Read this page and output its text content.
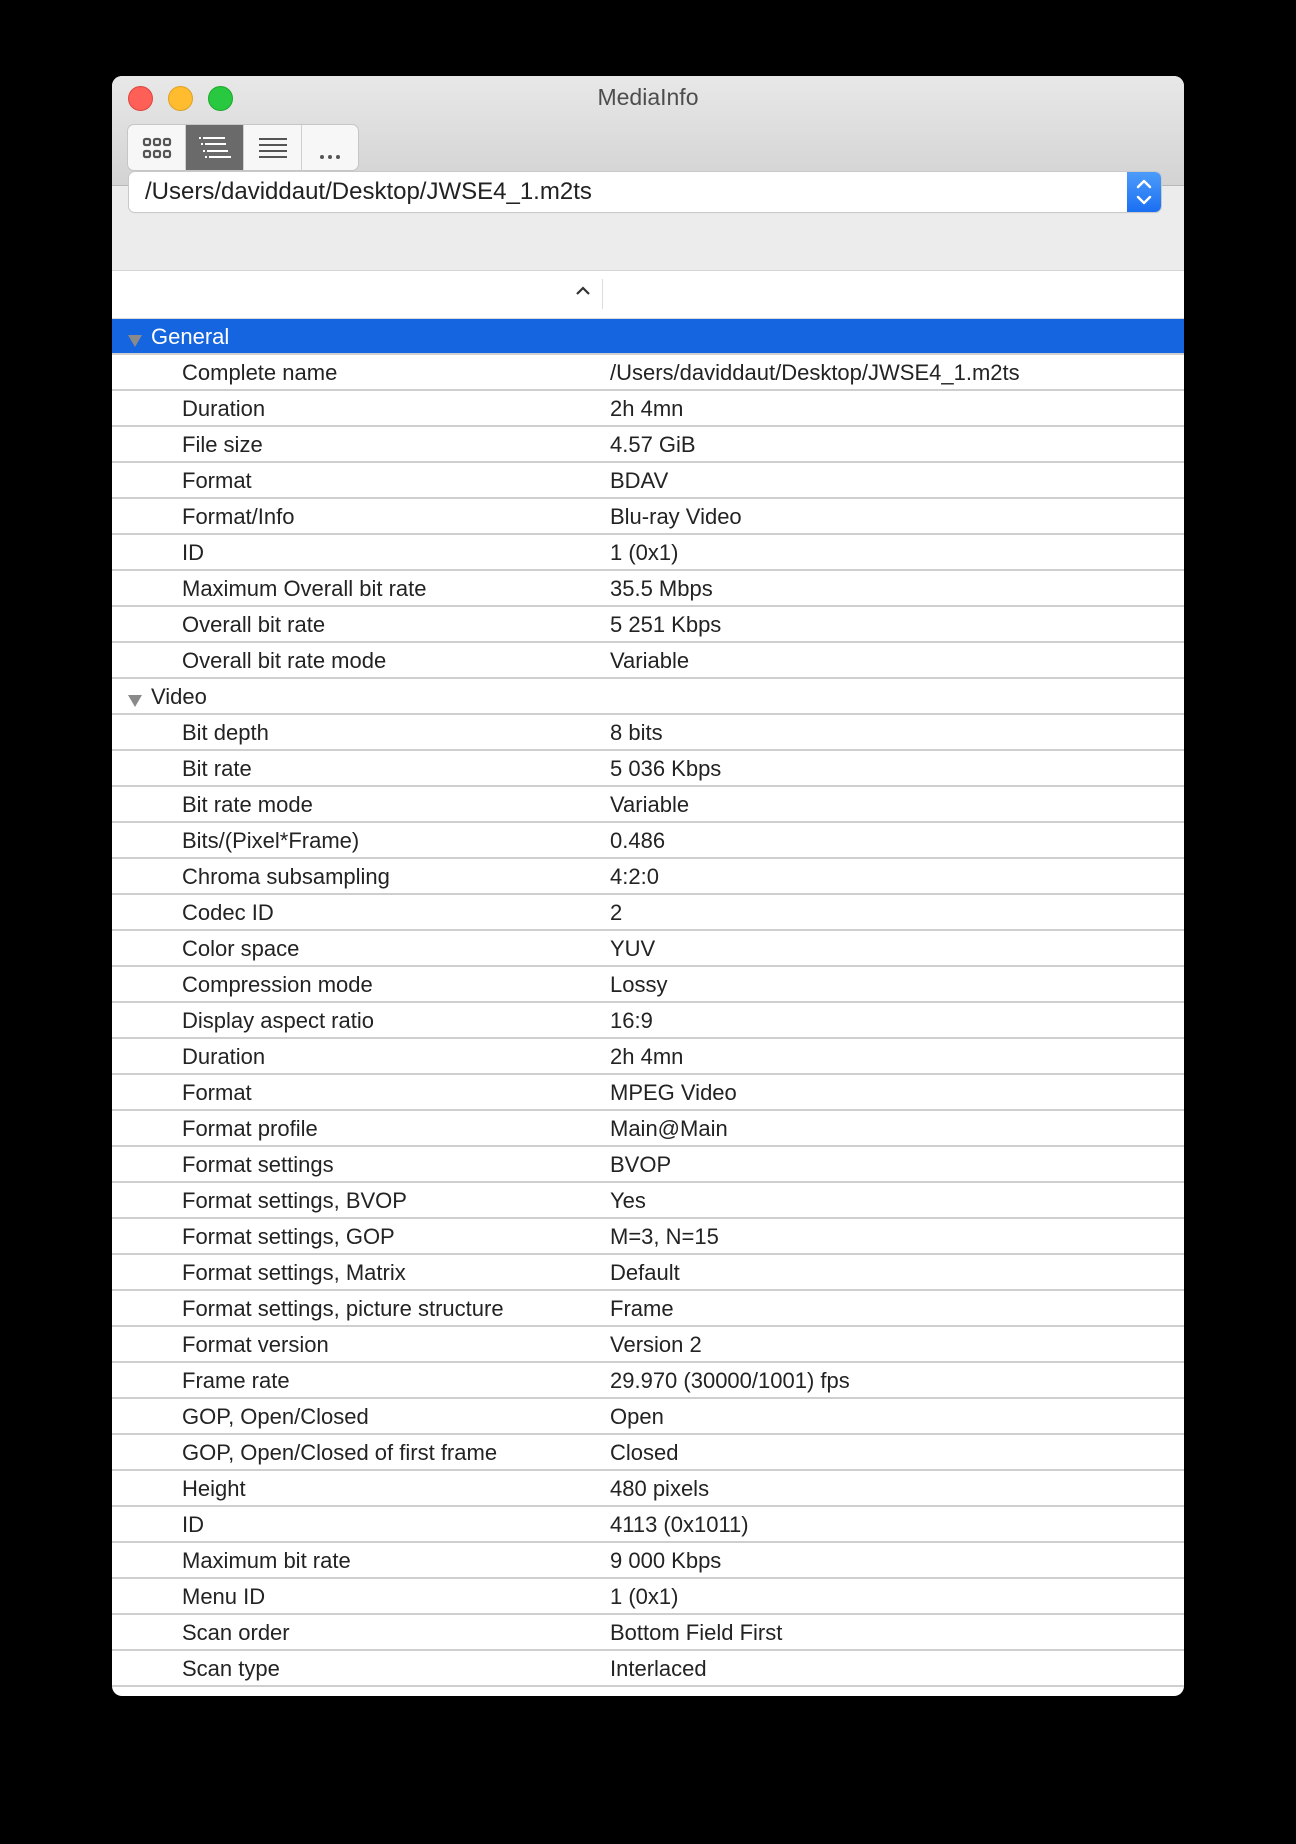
MediaInfo
/Users/daviddaut/Desktop/JWSE4_1.m2ts
General
Complete name	/Users/daviddaut/Desktop/JWSE4_1.m2ts
Duration	2h 4mn
File size	4.57 GiB
Format	BDAV
Format/Info	Blu-ray Video
ID	1 (0x1)
Maximum Overall bit rate	35.5 Mbps
Overall bit rate	5 251 Kbps
Overall bit rate mode	Variable
Video
Bit depth	8 bits
Bit rate	5 036 Kbps
Bit rate mode	Variable
Bits/(Pixel*Frame)	0.486
Chroma subsampling	4:2:0
Codec ID	2
Color space	YUV
Compression mode	Lossy
Display aspect ratio	16:9
Duration	2h 4mn
Format	MPEG Video
Format profile	Main@Main
Format settings	BVOP
Format settings, BVOP	Yes
Format settings, GOP	M=3, N=15
Format settings, Matrix	Default
Format settings, picture structure	Frame
Format version	Version 2
Frame rate	29.970 (30000/1001) fps
GOP, Open/Closed	Open
GOP, Open/Closed of first frame	Closed
Height	480 pixels
ID	4113 (0x1011)
Maximum bit rate	9 000 Kbps
Menu ID	1 (0x1)
Scan order	Bottom Field First
Scan type	Interlaced
